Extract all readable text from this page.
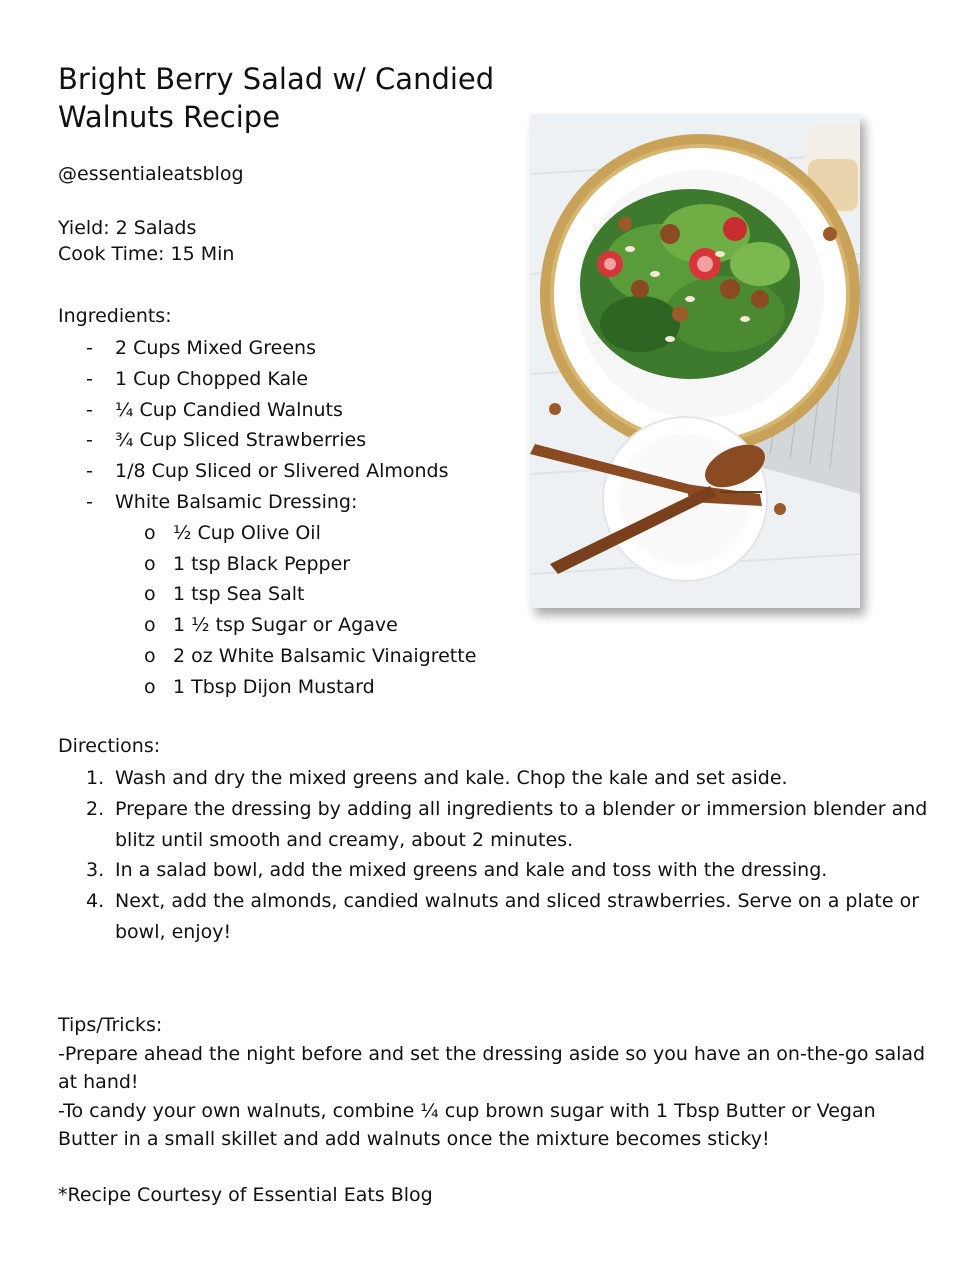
Bright Berry Salad w/ Candied Walnuts Recipe

@essentialeatsblog

Yield: 2 Salads

Cook Time: 15 Min

Ingredients:

- 2 Cups Mixed Greens
- 1 Cup Chopped Kale
- ¼ Cup Candied Walnuts
- ¾ Cup Sliced Strawberries
- 1/8 Cup Sliced or Slivered Almonds
- White Balsamic Dressing:
o ½ Cup Olive Oil
o 1 tsp Black Pepper
o 1 tsp Sea Salt
o 1 ½ tsp Sugar or Agave
o 2 oz White Balsamic Vinaigrette
o 1 Tbsp Dijon Mustard

Directions:

1. Wash and dry the mixed greens and kale. Chop the kale and set aside.
2. Prepare the dressing by adding all ingredients to a blender or immersion blender and blitz until smooth and creamy, about 2 minutes.
3. In a salad bowl, add the mixed greens and kale and toss with the dressing.
4. Next, add the almonds, candied walnuts and sliced strawberries. Serve on a plate or bowl, enjoy!

Tips/Tricks:

-Prepare ahead the night before and set the dressing aside so you have an on-the-go salad at hand!

-To candy your own walnuts, combine ¼ cup brown sugar with 1 Tbsp Butter or Vegan Butter in a small skillet and add walnuts once the mixture becomes sticky!

*Recipe Courtesy of Essential Eats Blog
